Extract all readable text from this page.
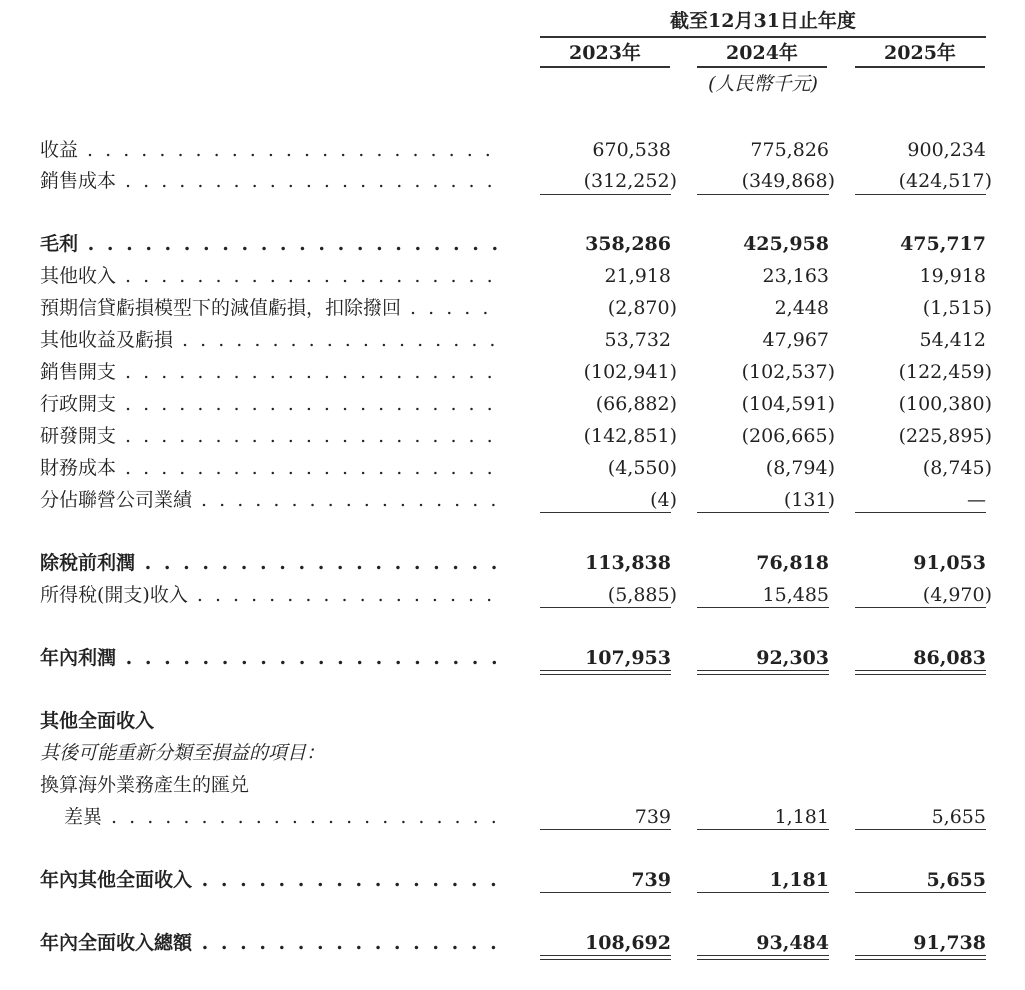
截至12月31日止年度
2023年	2024年	2025年
(人民幣千元)
收益 . . .	670,538	775,826	900,234
銷售成本 . . .	(312,252)	(349,868)	(424,517)
毛利 . . .	358,286	425,958	475,717
其他收入 . . .	21,918	23,163	19,918
預期信貸虧損模型下的減值虧損，扣除撥回 . . .	(2,870)	2,448	(1,515)
其他收益及虧損 . . .	53,732	47,967	54,412
銷售開支 . . .	(102,941)	(102,537)	(122,459)
行政開支 . . .	(66,882)	(104,591)	(100,380)
研發開支 . . .	(142,851)	(206,665)	(225,895)
財務成本 . . .	(4,550)	(8,794)	(8,745)
分佔聯營公司業績 . . .	(4)	(131)	—
除稅前利潤 . . .	113,838	76,818	91,053
所得稅(開支)收入 . . .	(5,885)	15,485	(4,970)
年內利潤 . . .	107,953	92,303	86,083
其他全面收入
其後可能重新分類至損益的項目：
換算海外業務產生的匯兑
差異 . . .	739	1,181	5,655
年內其他全面收入 . . .	739	1,181	5,655
年內全面收入總額 . . .	108,692	93,484	91,738
